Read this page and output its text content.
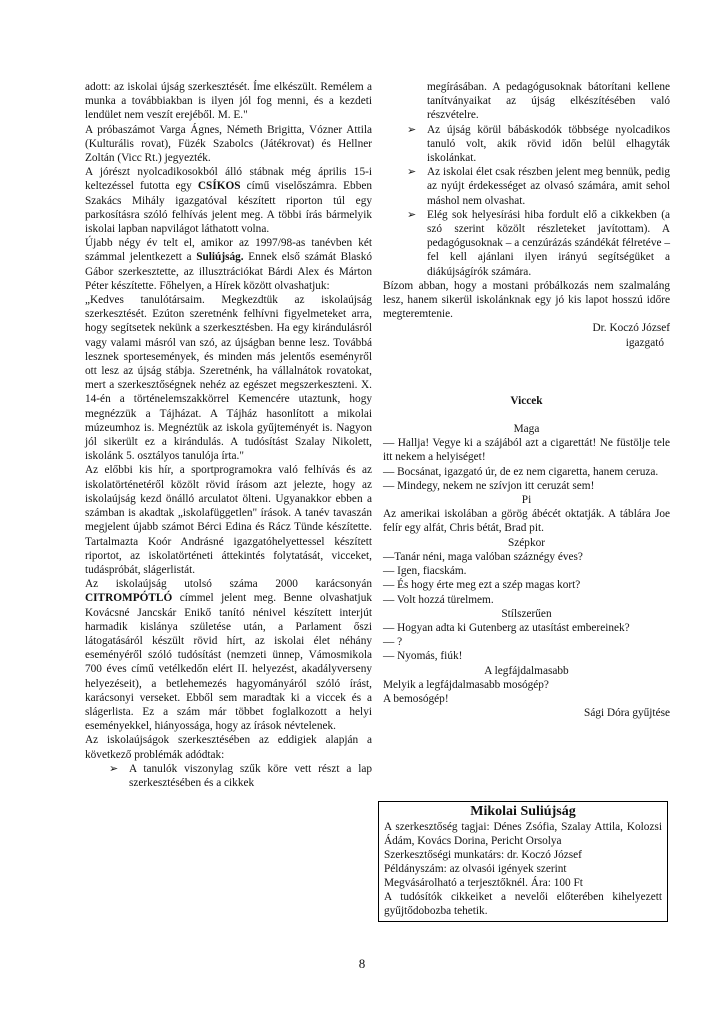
adott: az iskolai újság szerkesztését. Íme elkészült. Remélem a munka a továbbiakban is ilyen jól fog menni, és a kezdeti lendület nem veszít erejéből. M. E."

A próbaszámot Varga Ágnes, Németh Brigitta, Vózner Attila (Kulturális rovat), Füzék Szabolcs (Játékrovat) és Hellner Zoltán (Vicc Rt.) jegyezték.

A jórészt nyolcadikosokból álló stábnak még április 15-i keltezéssel futotta egy CSÍKOS című viselőszámra. Ebben Szakács Mihály igazgatóval készített riporton túl egy parkosításra szóló felhívás jelent meg. A többi írás bármelyik iskolai lapban napvilágot láthatott volna.

Újabb négy év telt el, amikor az 1997/98-as tanévben két számmal jelentkezett a Suliújság. Ennek első számát Blaskó Gábor szerkesztette, az illusztrációkat Bárdi Alex és Márton Péter készítette. Főhelyen, a Hírek között olvashatjuk:

„Kedves tanulótársaim. Megkezdtük az iskolaújság szerkesztését. Ezúton szeretnénk felhívni figyelmeteket arra, hogy segítsetek nekünk a szerkesztésben. Ha egy kirándulásról vagy valami másról van szó, az újságban benne lesz. Továbbá lesznek sportesemények, és minden más jelentős eseményről ott lesz az újság stábja. Szeretnénk, ha vállalnátok rovatokat, mert a szerkesztőségnek nehéz az egészet megszerkeszteni. X. 14-én a történelemszakkörrel Kemencére utaztunk, hogy megnézzük a Tájházat. A Tájház hasonlított a mikolai múzeumhoz is. Megnéztük az iskola gyűjteményét is. Nagyon jól sikerült ez a kirándulás. A tudósítást Szalay Nikolett, iskolánk 5. osztályos tanulója írta."

Az előbbi kis hír, a sportprogramokra való felhívás és az iskolatörténetéről közölt rövid írásom azt jelezte, hogy az iskolaújság kezd önálló arculatot ölteni. Ugyanakkor ebben a számban is akadtak „iskolafüggetlen" írások. A tanév tavaszán megjelent újabb számot Bérci Edina és Rácz Tünde készítette. Tartalmazta Koór Andrásné igazgatóhelyettessel készített riportot, az iskolatörténeti áttekintés folytatását, vicceket, tudáspróbát, slágerlistát.

Az iskolaújság utolsó száma 2000 karácsonyán CITROMPÓTLÓ címmel jelent meg. Benne olvashatjuk Kovácsné Jancskár Enikő tanító nénivel készített interjút harmadik kislánya születése után, a Parlament őszi látogatásáról készült rövid hírt, az iskolai élet néhány eseményéről szóló tudósítást (nemzeti ünnep, Vámosmikola 700 éves című vetélkedőn elért II. helyezést, akadályverseny helyezéseit), a betlehemezés hagyományáról szóló írást, karácsonyi verseket. Ebből sem maradtak ki a viccek és a slágerlista. Ez a szám már többet foglalkozott a helyi eseményekkel, hiányossága, hogy az írások névtelenek.

Az iskolaújságok szerkesztésében az eddigiek alapján a következő problémák adódtak:

➢ A tanulók viszonylag szűk köre vett részt a lap szerkesztésében és a cikkek

megírásában. A pedagógusoknak bátorítani kellene tanítványaikat az újság elkészítésében való részvételre.

➢ Az újság körül bábáskodók többsége nyolcadikos tanuló volt, akik rövid időn belül elhagyták iskolánkat.
➢ Az iskolai élet csak részben jelent meg bennük, pedig az nyújt érdekességet az olvasó számára, amit sehol máshol nem olvashat.
➢ Elég sok helyesírási hiba fordult elő a cikkekben (a szó szerint közölt részleteket javítottam). A pedagógusoknak – a cenzúrázás szándékát félretéve – fel kell ajánlani ilyen irányú segítségüket a diákújságírók számára.

Bízom abban, hogy a mostani próbálkozás nem szalmaláng lesz, hanem sikerül iskolánknak egy jó kis lapot hosszú időre megteremtenie.

Dr. Koczó József

igazgató

Viccek

Maga

— Hallja! Vegye ki a szájából azt a cigarettát! Ne füstölje tele itt nekem a helyiséget!

— Bocsánat, igazgató úr, de ez nem cigaretta, hanem ceruza.

— Mindegy, nekem ne szívjon itt ceruzát sem!

Pi

Az amerikai iskolában a görög ábécét oktatják. A táblára Joe felír egy alfát, Chris bétát, Brad pit.

Szépkor

—Tanár néni, maga valóban száznégy éves?

— Igen, fiacskám.

— És hogy érte meg ezt a szép magas kort?

— Volt hozzá türelmem.

Stílszerűen

— Hogyan adta ki Gutenberg az utasítást embereinek?

— ?

— Nyomás, fiúk!

A legfájdalmasabb

Melyik a legfájdalmasabb mosógép?

A bemosógép!

Sági Dóra gyűjtése

Mikolai Suliújság

A szerkesztőség tagjai: Dénes Zsófia, Szalay Attila, Kolozsi Ádám, Kovács Dorina, Pericht Orsolya

Szerkesztőségi munkatárs: dr. Koczó József

Példányszám: az olvasói igények szerint

Megvásárolható a terjesztőknél. Ára: 100 Ft

A tudósítók cikkeiket a nevelői előterében kihelyezett gyűjtődobozba tehetik.

8
